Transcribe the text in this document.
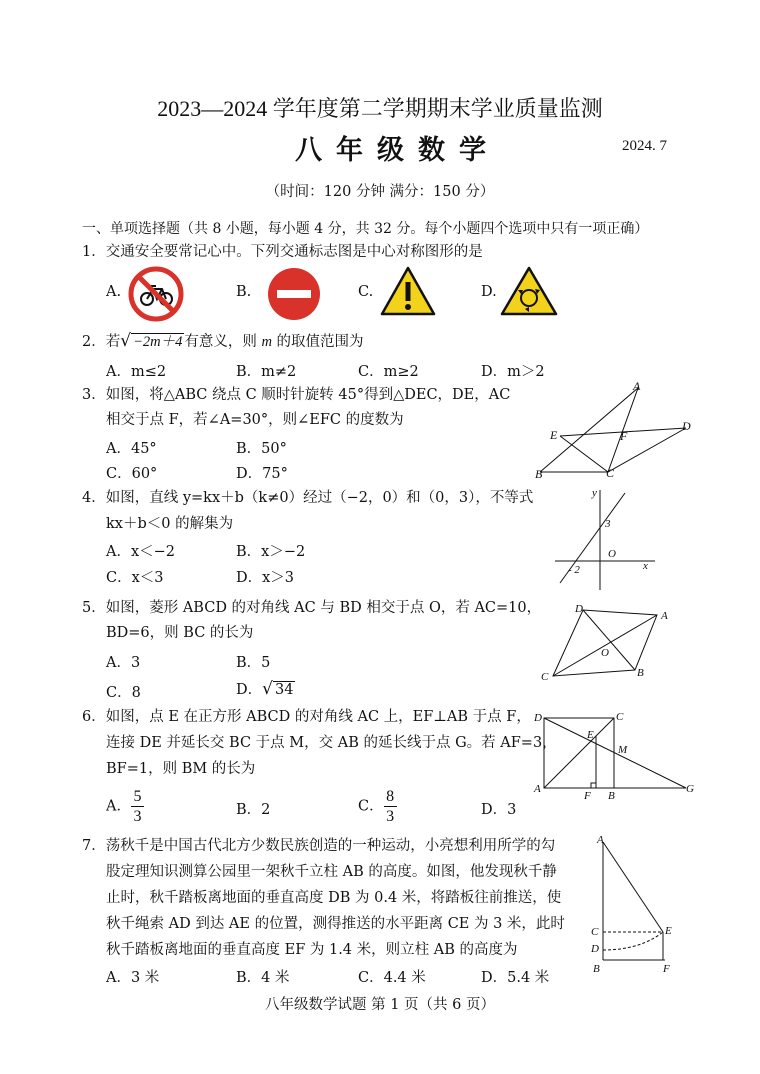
2023—2024 学年度第二学期期末学业质量监测
八年级数学	2024. 7
（时间：120 分钟 满分：150 分）
一、单项选择题（共 8 小题，每小题 4 分，共 32 分。每个小题四个选项中只有一项正确）
1．交通安全要常记心中。下列交通标志图是中心对称图形的是
A.	B.	C.	D.
2．若√ −2m＋4 有意义，则 m 的取值范围为
A．m≤2	B．m≠2	C．m≥2	D．m＞2
3．如图，将△ABC 绕点 C 顺时针旋转 45°得到△DEC，DE，AC
相交于点 F，若∠A=30°，则∠EFC 的度数为
A．45°	B．50°
C．60°	D．75°
A
E	F
D
B	C
4．如图，直线 y=kx＋b（k≠0）经过（−2，0）和（0，3），不等式
kx＋b＜0 的解集为
A．x＜−2	B．x＞−2
C．x＜3	D．x＞3
y
3
O
- 2	x
5．如图，菱形 ABCD 的对角线 AC 与 BD 相交于点 O，若 AC=10，
BD=6，则 BC 的长为
A．3	B．5
C．8	D．√ 34
D
A
O
C	B
6．如图，点 E 在正方形 ABCD 的对角线 AC 上，EF⊥AB 于点 F，
连接 DE 并延长交 BC 于点 M，交 AB 的延长线于点 G。若 AF=3，
BF=1，则 BM 的长为
A． $\frac{5}{3}$	B．2	C． $\frac{8}{3}$	D．3
D	C
E
M
A
F B
G
7．荡秋千是中国古代北方少数民族创造的一种运动，小亮想利用所学的勾
股定理知识测算公园里一架秋千立柱 AB 的高度。如图，他发现秋千静
止时，秋千踏板离地面的垂直高度 DB 为 0.4 米，将踏板往前推送，使
秋千绳索 AD 到达 AE 的位置，测得推送的水平距离 CE 为 3 米，此时
秋千踏板离地面的垂直高度 EF 为 1.4 米，则立柱 AB 的高度为
A．3 米	B．4 米	C．4.4 米	D．5.4 米
A
C	E
D
B	F
八年级数学试题 第 1 页（共 6 页）
